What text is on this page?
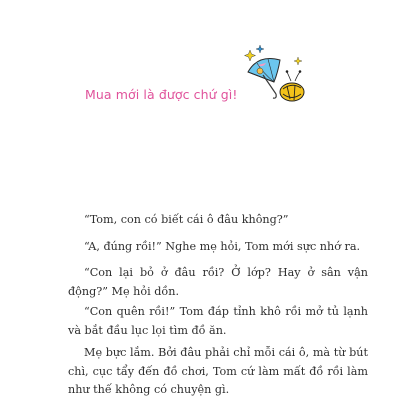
Mua mới là được chứ gì!

“Tom, con có biết cái ô đâu không?”

“A, đúng rồi!” Nghe mẹ hỏi, Tom mới sực nhớ ra.

“Con lại bỏ ở đâu rồi? Ở lớp? Hay ở sân vận động?” Mẹ hỏi dồn.

“Con quên rồi!” Tom đáp tỉnh khô rồi mở tủ lạnh và bắt đầu lục lọi tìm đồ ăn.

Mẹ bực lắm. Bởi đâu phải chỉ mỗi cái ô, mà từ bút chì, cục tẩy đến đồ chơi, Tom cứ làm mất đồ rồi làm như thế không có chuyện gì.
